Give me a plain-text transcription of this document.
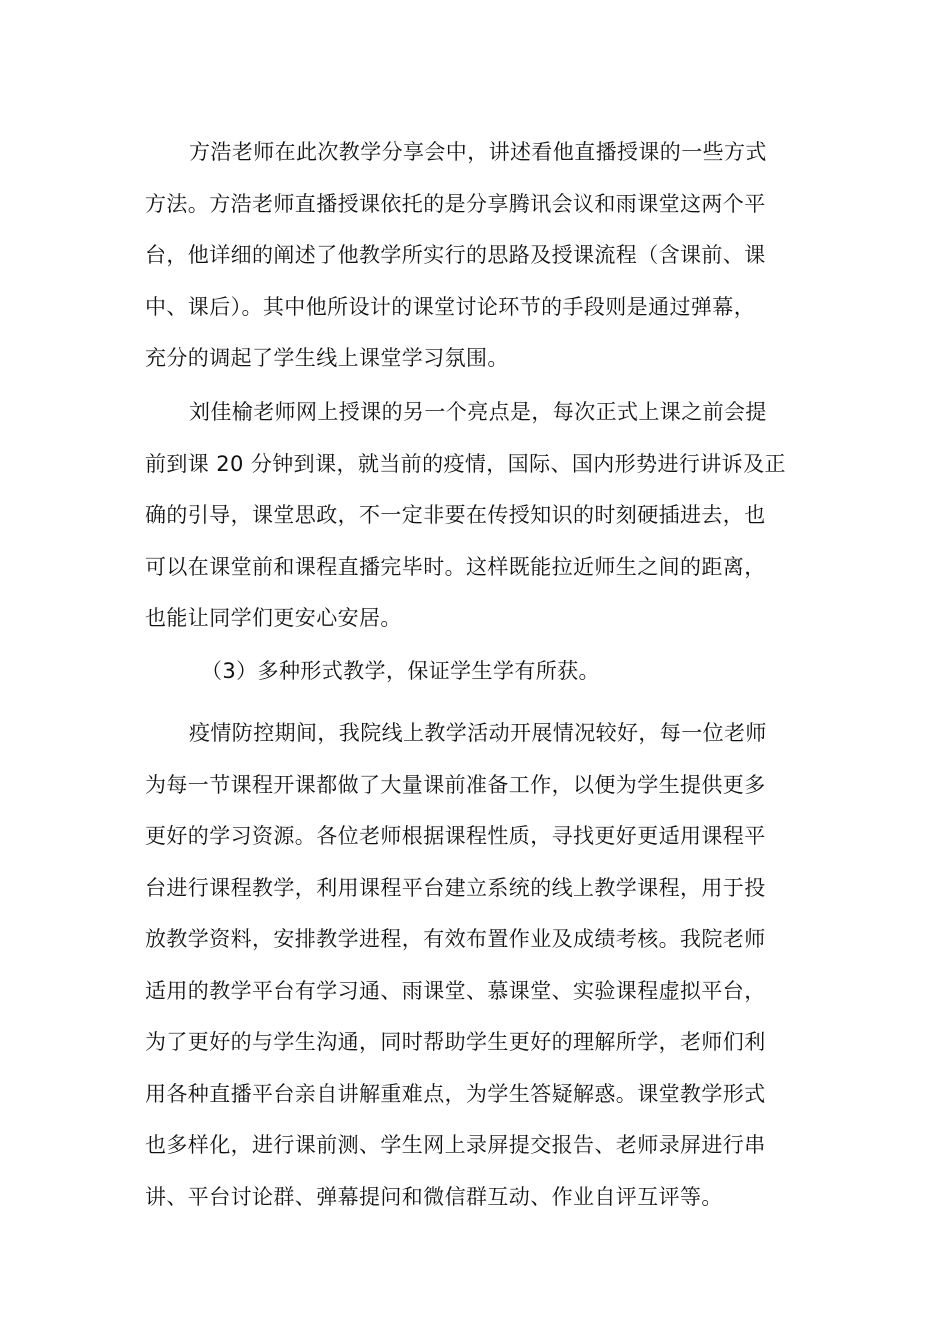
方浩老师在此次教学分享会中，讲述看他直播授课的一些方式
方法。方浩老师直播授课依托的是分享腾讯会议和雨课堂这两个平
台，他详细的阐述了他教学所实行的思路及授课流程（含课前、课
中、课后）。其中他所设计的课堂讨论环节的手段则是通过弹幕，
充分的调起了学生线上课堂学习氛围。
刘佳榆老师网上授课的另一个亮点是，每次正式上课之前会提
前到课 20 分钟到课，就当前的疫情，国际、国内形势进行讲诉及正
确的引导，课堂思政，不一定非要在传授知识的时刻硬插进去，也
可以在课堂前和课程直播完毕时。这样既能拉近师生之间的距离，
也能让同学们更安心安居。
（3）多种形式教学，保证学生学有所获。
疫情防控期间，我院线上教学活动开展情况较好，每一位老师
为每一节课程开课都做了大量课前准备工作，以便为学生提供更多
更好的学习资源。各位老师根据课程性质，寻找更好更适用课程平
台进行课程教学，利用课程平台建立系统的线上教学课程，用于投
放教学资料，安排教学进程，有效布置作业及成绩考核。我院老师
适用的教学平台有学习通、雨课堂、慕课堂、实验课程虚拟平台，
为了更好的与学生沟通，同时帮助学生更好的理解所学，老师们利
用各种直播平台亲自讲解重难点，为学生答疑解惑。课堂教学形式
也多样化，进行课前测、学生网上录屏提交报告、老师录屏进行串
讲、平台讨论群、弹幕提问和微信群互动、作业自评互评等。
